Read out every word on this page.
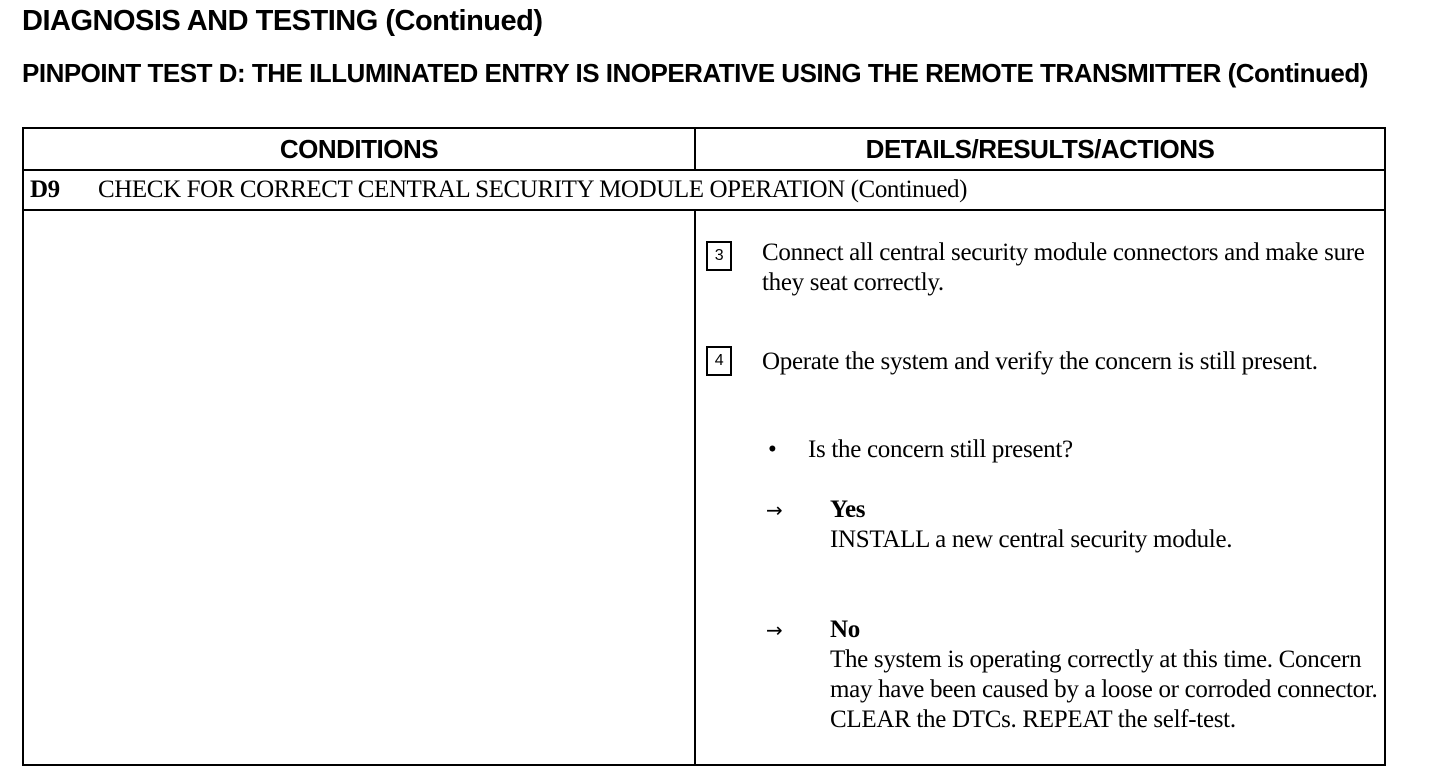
DIAGNOSIS AND TESTING (Continued)
PINPOINT TEST D: THE ILLUMINATED ENTRY IS INOPERATIVE USING THE REMOTE TRANSMITTER (Continued)
CONDITIONS	DETAILS/RESULTS/ACTIONS
D9 CHECK FOR CORRECT CENTRAL SECURITY MODULE OPERATION (Continued)
3	Connect all central security module connectors and make sure they seat correctly.

4	Operate the system and verify the concern is still present.

• Is the concern still present?
→ Yes

INSTALL a new central security module.

→ No

The system is operating correctly at this time. Concern may have been caused by a loose or corroded connector. CLEAR the DTCs. REPEAT the self-test.
